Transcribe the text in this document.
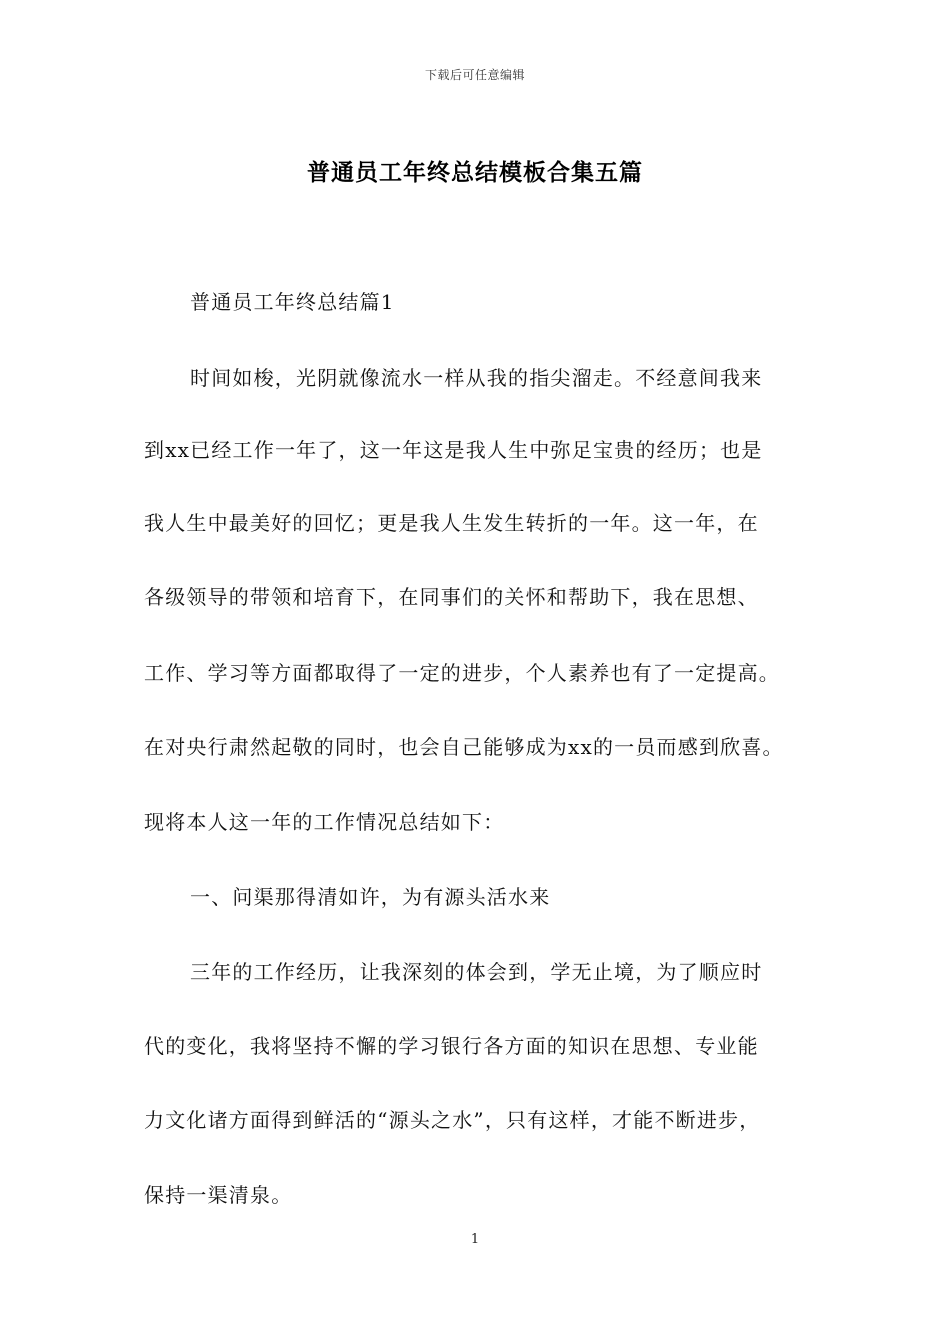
下载后可任意编辑
普通员工年终总结模板合集五篇
普通员工年终总结篇1
时间如梭，光阴就像流水一样从我的指尖溜走。不经意间我来
到xx已经工作一年了，这一年这是我人生中弥足宝贵的经历；也是
我人生中最美好的回忆；更是我人生发生转折的一年。这一年，在
各级领导的带领和培育下，在同事们的关怀和帮助下，我在思想、
工作、学习等方面都取得了一定的进步，个人素养也有了一定提高。
在对央行肃然起敬的同时，也会自己能够成为xx的一员而感到欣喜。
现将本人这一年的工作情况总结如下：
一、问渠那得清如许，为有源头活水来
三年的工作经历，让我深刻的体会到，学无止境，为了顺应时
代的变化，我将坚持不懈的学习银行各方面的知识在思想、专业能
力文化诸方面得到鲜活的“源头之水”，只有这样，才能不断进步，
保持一渠清泉。
1
